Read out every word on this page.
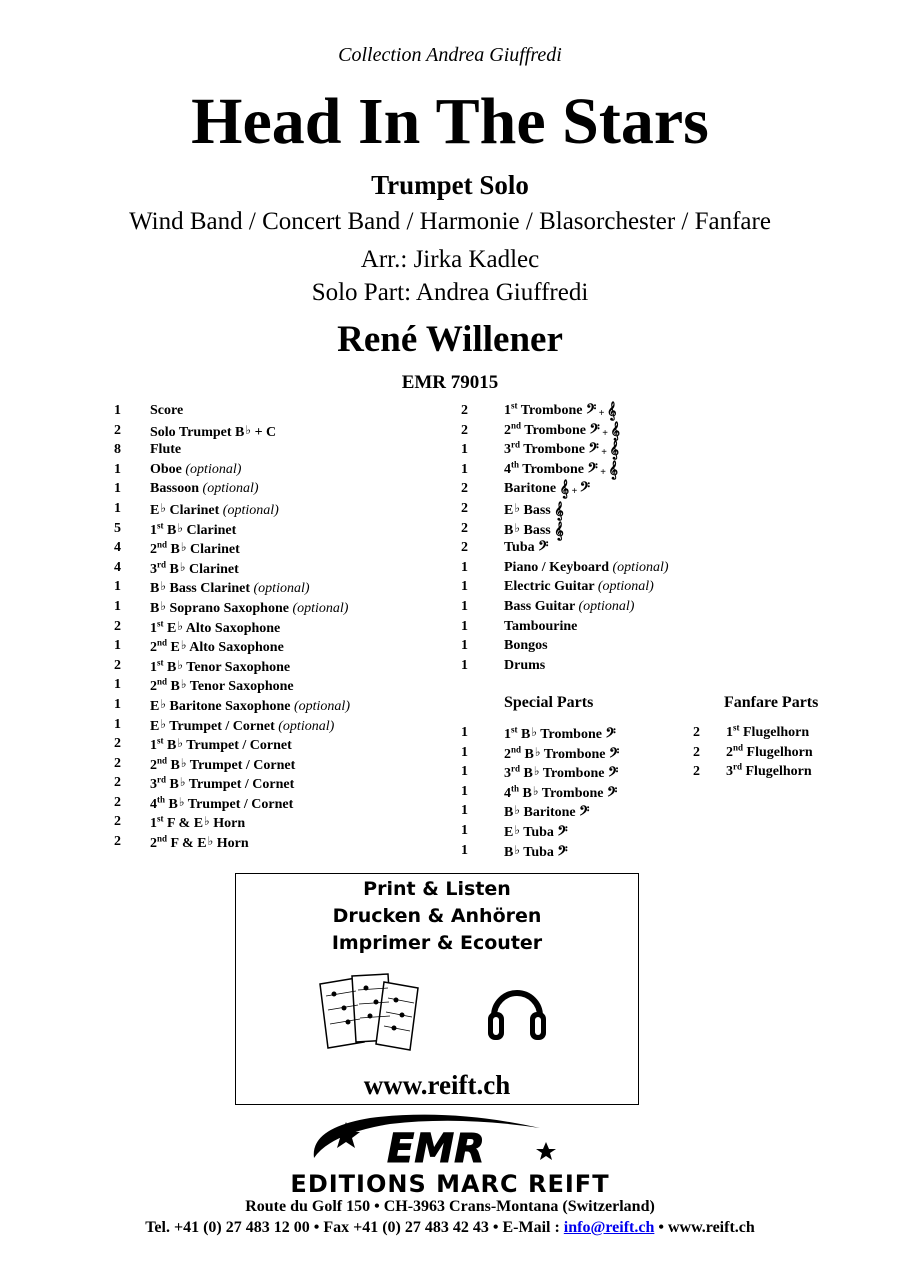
Collection Andrea Giuffredi
Head In The Stars
Trumpet Solo
Wind Band / Concert Band / Harmonie / Blasorchester / Fanfare
Arr.: Jirka Kadlec
Solo Part: Andrea Giuffredi
René Willener
EMR 79015
1 Score
2 Solo Trumpet B♭ + C
8 Flute
1 Oboe (optional)
1 Bassoon (optional)
1 E♭ Clarinet (optional)
5 1st B♭ Clarinet
4 2nd B♭ Clarinet
4 3rd B♭ Clarinet
1 B♭ Bass Clarinet (optional)
1 B♭ Soprano Saxophone (optional)
2 1st E♭ Alto Saxophone
1 2nd E♭ Alto Saxophone
2 1st B♭ Tenor Saxophone
1 2nd B♭ Tenor Saxophone
1 E♭ Baritone Saxophone (optional)
1 E♭ Trumpet / Cornet (optional)
2 1st B♭ Trumpet / Cornet
2 2nd B♭ Trumpet / Cornet
2 3rd B♭ Trumpet / Cornet
2 4th B♭ Trumpet / Cornet
2 1st F & E♭ Horn
2 2nd F & E♭ Horn
2	1st Trombone 𝄢 + 𝄞
2	2nd Trombone 𝄢 + 𝄞
1	3rd Trombone 𝄢 + 𝄞
1	4th Trombone 𝄢 + 𝄞
2	Baritone 𝄞 + 𝄢
2	E♭ Bass 𝄞
2	B♭ Bass 𝄞
2	Tuba 𝄢
1	Piano / Keyboard (optional)
1	Electric Guitar (optional)
1	Bass Guitar (optional)
1	Tambourine
1	Bongos
1	Drums
Special Parts
1	1st B♭ Trombone 𝄢
1	2nd B♭ Trombone 𝄢
1	3rd B♭ Trombone 𝄢
1	4th B♭ Trombone 𝄢
1	B♭ Baritone 𝄢
1	E♭ Tuba 𝄢
1	B♭ Tuba 𝄢
Fanfare Parts
2 1st Flugelhorn
2 2nd Flugelhorn
2 3rd Flugelhorn
Print & Listen
Drucken & Anhören
Imprimer & Ecouter
www.reift.ch
EMR
EDITIONS MARC REIFT
Route du Golf 150 • CH-3963 Crans-Montana (Switzerland)
Tel. +41 (0) 27 483 12 00 • Fax +41 (0) 27 483 42 43 • E-Mail : info@reift.ch • www.reift.ch
